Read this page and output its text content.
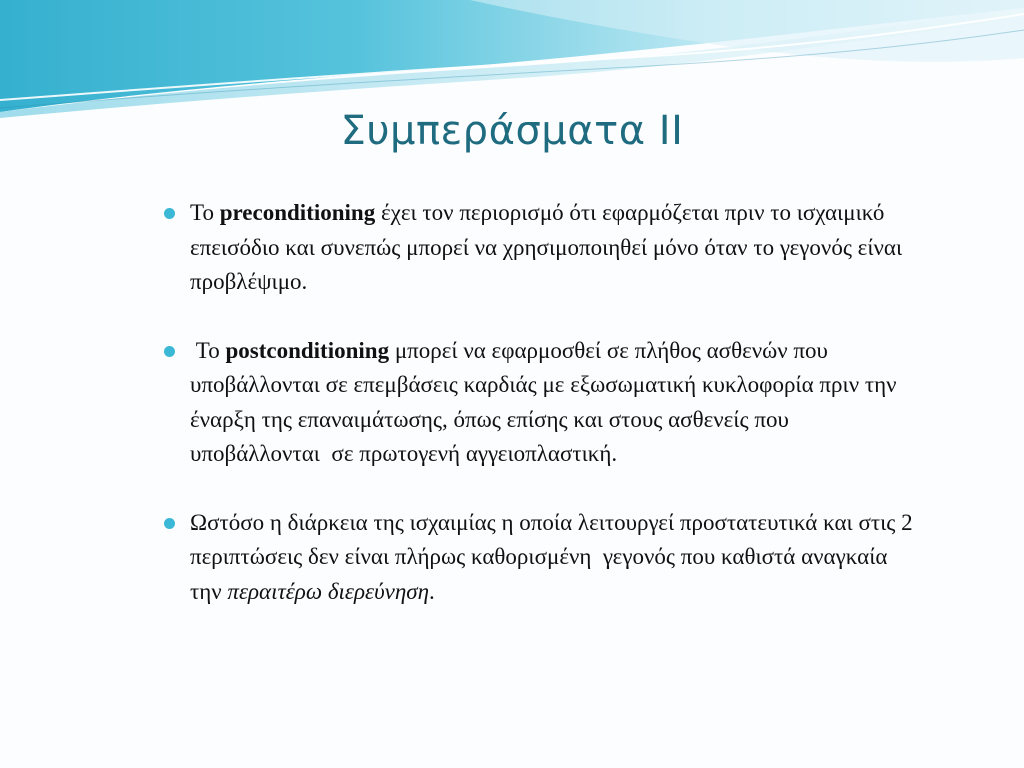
Συμπεράσματα ΙΙ
Το preconditioning έχει τον περιορισμό ότι εφαρμόζεται πριν το ισχαιμικό επεισόδιο και συνεπώς μπορεί να χρησιμοποιηθεί μόνο όταν το γεγονός είναι προβλέψιμο.
Το postconditioning μπορεί να εφαρμοσθεί σε πλήθος ασθενών που υποβάλλονται σε επεμβάσεις καρδιάς με εξωσωματική κυκλοφορία πριν την έναρξη της επαναιμάτωσης, όπως επίσης και στους ασθενείς που υποβάλλονται  σε πρωτογενή αγγειοπλαστική.
Ωστόσο η διάρκεια της ισχαιμίας η οποία λειτουργεί προστατευτικά και στις 2 περιπτώσεις δεν είναι πλήρως καθορισμένη  γεγονός που καθιστά αναγκαία την περαιτέρω διερεύνηση.
